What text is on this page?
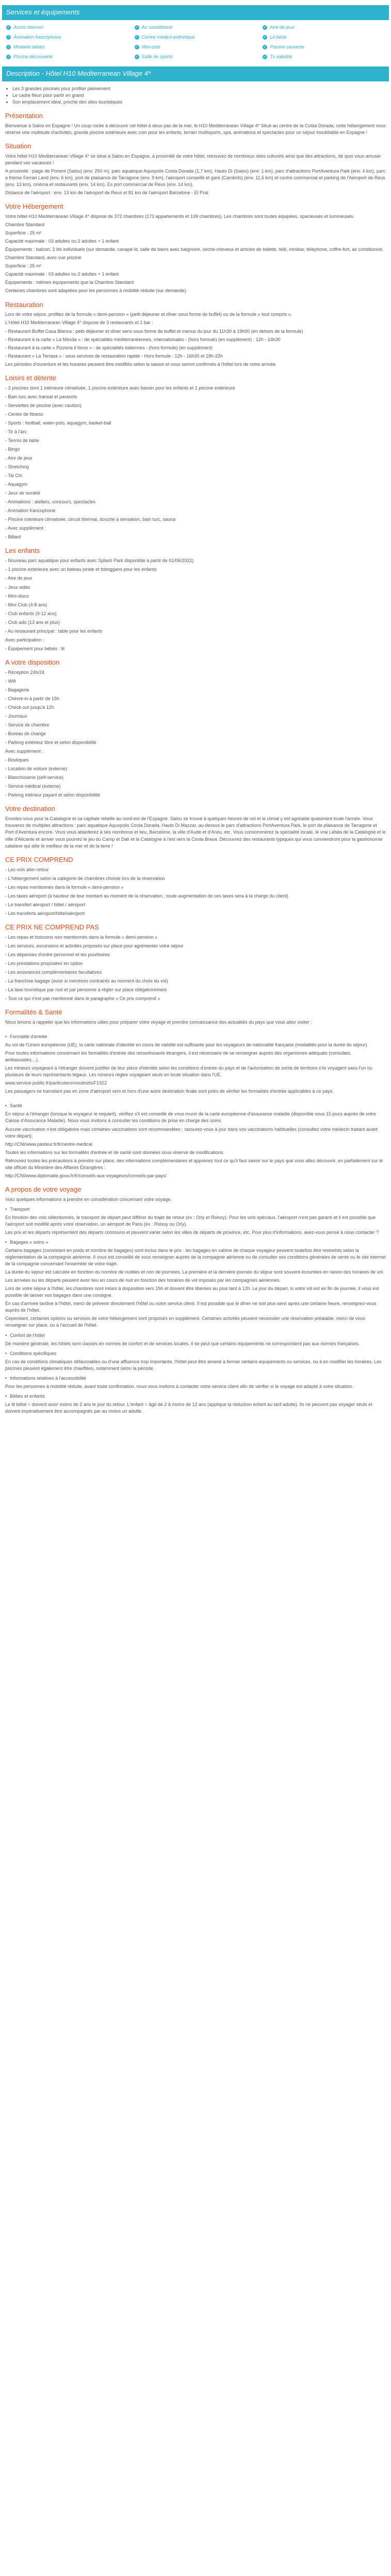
Services et équipements
✓ Accès Internet	✓ Air conditionné	✓ Aire de jeux
✓ Animation francophone	✓ Centre médico-esthétique	✓ Lit bébé
✓ Modalité bébés	✓ Mini club	✓ Piscine couverte
✓ Piscine découverte	✓ Salle de sports	✓ Tv satellite
Description - Hôtel H10 Mediterranean Village 4*
• Les 3 grandes piscines pour profiter pleinement
• Le cadre fleuri pour partir en grand
• Son emplacement idéal, proche des sites touristiques
Présentation

Bienvenue à Salou en Espagne ! Un coup rocke à découvrir cet hôtel à deux pas de la mer, le H10 Mediterranean Village 4* Situé au centre de la Costa Dorada, cette hébergement vous réserve une multitude d'activités, grande piscine extérieure avec coin pour les enfants, terrain multisports, spa, animations et spectacles pour un séjour inoubliable en Espagne !

Situation

Votre hôtel H10 Mediterranean Village 4* se situe à Salou en Espagne, à proximité de votre hôtel, retrouvez de nombreux sites culturels ainsi que des attractions, de quoi vous amuser pendant vos vacances !

A proximité : plage de Ponent (Salou) (env. 250 m), parc aquatique Aquopolis Costa Dorada (1,7 km), Hauts Di (Salou) (env. 1 km), parc d'attractions PortAventura Park (env. 4 km), parc a thème Ferrari Land (env. 6 km), port de plaisance de Tarragone (env. 9 km), l'aéroport conseillé et gare (Cambrils) (env. 11,6 km) et centre commercial et parking de l'Aéroport de Reus (env. 13 km), cinéma et restaurants (env. 14 km), Es port commercial de Reus (env. 14 km).

Distance de l'aéroport : env. 13 km de l'aéroport de Reus et 81 km de l'aéroport Barcelone - El Prat

Votre Hébergement

Votre hôtel H10 Mediterranean Village 4* dispose de 372 chambres (173 appartements et 199 chambres). Les chambres sont toutes équipées, spacieuses et lumineuses.

Chambre Standard

Superficie : 25 m²

Capacité maximale : 03 adultes ou 2 adultes + 1 enfant

Équipements : balcon, 2 lits individuels (sur demande, canapé-lit, salle de bains avec baignoire, sèche-cheveux et articles de toilette, télé, minibar, téléphone, coffre-fort, air conditionné.

Chambre Standard, avec vue piscine

Superficie : 25 m²

Capacité maximale : 03 adultes ou 2 adultes + 1 enfant

Équipements : mêmes équipements que la Chambre Standard

Certaines chambres sont adaptées pour les personnes à mobilité réduite (sur demande).

Restauration

Lors de votre séjour, profitez de la formule « demi-pension » (petit déjeuner et dîner sous forme de buffet) ou de la formule « tout compris ».

L'Hôtel H10 Mediterranean Village 4* dispose de 3 restaurants et 1 bar :

- Restaurant Buffet Casa Blanca : petit-déjeuner et dîner servi sous forme de buffet et menus du jour du 11h30 à 19h00 (en dehors de la formule)

- Restaurant à la carte « La Mèsda » : de spécialités méditerranéennes, internationales - (hors formule) (en supplément) : 12h - 14h30

- Restaurant à la carte « Pizzeria il forno » : de spécialités italiennes - (hors formule) (en supplément)

- Restaurant « La Terraza » : sous services de restauration rapide - Hors formule : 12h - 16h30 et 18h-22h

Les périodes d'ouverture et les horaires peuvent être modifiés selon la saison et vous seront confirmés à l'hôtel lors de votre arrivée.

Loisirs et détente

- 3 piscines dont 1 intérieure climatisée, 1 piscine extérieure avec bassin pour les enfants et 1 piscine extérieure

- Bain turc avec transat et parasols

- Serviettes de piscine (avec caution)

- Centre de fitness

- Sports : football, water-polo, aquagym, basket-ball

- Tir à l'arc

- Tennis de table

- Bingo

- Aire de jeux

- Stretching

- Tai Chi

- Aquagym

- Jeux de société

- Animations : ateliers, concours, spectacles

- Animation francophone

- Piscine intérieure climatisée, circuit thermal, douche à sensation, bain turc, sauna

- Avec supplément :

- Billard

Les enfants

- Nouveau parc aquatique pour enfants avec Splash Park disponible à partir de 01/06/2022)

- 1 piscine extérieure avec un bateau pirate et toboggans pour les enfants

- Aire de jeux

- Jeux vidéo

- Mini-disco

- Mini Club (4-8 ans)

- Club enfants (9-12 ans)

- Club ado (13 ans et plus)

- Au restaurant principal : table pour les enfants

Avec participation :

- Équipement pour bébés : lit

A votre disposition

- Réception 24h/24

- Wifi

- Bagagerie

- Chèvre-in à partir de 15h

- Check-out jusqu'à 12h

- Journaux

- Service de chambre

- Bureau de change

- Parking extérieur libre et selon disponibilité

Avec supplément :

- Boutiques

- Location de voiture (externe)

- Blanchisserie (self-service)

- Service médical (externe)

- Parking intérieur payant et selon disponibilité

Votre destination

Envolez-vous pour la Catalogne et sa capitale rebelle au nord-est de l'Espagne. Salou se trouve à quelques heures de vol et le climat y est agréable quasiment toute l'année. Vous trouverez de multiples attractions : parc aquatique Aquopolis Costa Dorada, Hauts Di Mazzar, au-dessus le parc d'attractions PortAventura Park, le port de plaisance de Tarragone et Port d'Aventura encore. Vous vous attarderez à ses nombreux et lieu, Barcelone, la ville d'Aude et d'Arxiu, etc. Vous consommerez la spécialité locale, le vrai Lafata de la Catalogne et le ville d'Alicante et arriver vous pourrez le jeu du Camp et Dalí et la Catalogne à l'est vers la Costa Brava. Découvrez des restaurants typiques qui vous conviendront pour la gastronomie catalane qui allie le meilleur de la mer et de la terre !

CE PRIX COMPREND

- Les vols aller-retour

- L'hébergement selon la catégorie de chambres choisie lors de la réservation

- Les repas mentionnés dans la formule « demi-pension »

- Les taxes aéroport (à hauteur de leur montant au moment de la réservation ; toute augmentation de ces taxes sera à la charge du client)

- Le transfert aéroport / hôtel / aéroport

- Les transferts aéroport/hôtel/aéroport

CE PRIX NE COMPREND PAS

- Les repas et boissons non mentionnés dans la formule « demi-pension »

- Les services, excursions et activités proposés sur place pour agrémenter votre séjour

- Les dépenses d'ordre personnel et les pourboires

- Les prestations proposées en option

- Les assurances complémentaires facultatives

- La franchise bagage (avoir si membres contraints au moment du choix du vol)

- La taxe touristique par nuit et par personne à régler sur place obligatoirement

- Tout ce qui n'est pas mentionné dans le paragraphe « Ce prix comprend »

Formalités & Santé

Nous tenons à rappeler que les informations utiles pour préparer votre voyage et prendre connaissance des actualités du pays que vous allez visiter :

• Formalité d'entrée

Au vol de l'Union européenne (UE), la carte nationale d'identité en cours de validité est suffisante pour les voyageurs de nationalité française (modalités pour la durée du séjour).

Pour toutes informations concernant les formalités d'entrée des ressortissants étrangers, il est nécessaire de se renseigner auprès des organismes adéquats (consulats, ambassades…).

Les mineurs voyageant à l'étranger doivent justifier de leur pièce d'identité selon les conditions d'entrée du pays et de l'autorisation de sortie de territoire s'ils voyagent sans l'un ou plusieurs de leurs représentants légaux. Les mineurs règles voyageant seuls en toute situation dans l'UE.

www.service-public.fr/particuliers/vosdroits/F1922

Les passagers ne transitant pas en zone d'aéroport vers et hors d'une autre destination finale sont priés de vérifier les formalités d'entrée applicables à ce pays.

• Santé

En séjour à l'étranger (lorsque le voyageur le requiert), vérifiez s'il est conseillé de vous munir de la carte européenne d'assurance maladie (disponible sous 15 jours auprès de votre Caisse d'Assurance Maladie). Nous vous invitons à consulter les conditions de prise en charge des soins.

Aucune vaccination n'est obligatoire mais certaines vaccinations sont recommandées : rassurez-vous à jour dans vos vaccinations habituelles (consultez votre médecin traitant avant votre départ).

http://CNI/www.pasteur.fr/fr/centre-medical

Toutes les informations sur les formalités d'entrée et de santé sont données sous réserve de modifications.

Retrouvez toutes les précautions à prendre sur place, des informations complémentaires et apprenez tout ce qu'il faut savoir sur le pays que vous allez découvrir, en parfaitement sur le site officiel du Ministère des Affaires Étrangères :

http://CNI/www.diplomatie.gouv.fr/fr/conseils-aux-voyageurs/conseils-par-pays/

A propos de votre voyage

Voici quelques informations à prendre en considération concernant votre voyage.

• Transport

En fonction des vols sélectionnés, le transport de départ peut différer du trajet de retour (ex : Orly et Roissy). Pour les vols spéciaux, l'aéroport n'est pas garanti et il est possible que l'aéroport soit modifié après votre réservation, un aéroport de Paris (ex : Roissy ou Orly).

Les prix et les départs représentent des départs communs et peuvent varier selon les villes de départs de province, etc. Pour plus d'informations, avez-vous pensé à nous contacter ?

• Bagages « soins »

Certains bagages (consistant en poids et nombre de bagages) sont inclus dans le prix : les bagages en cabine de chaque voyageur peuvent toutefois être restreints selon la réglementation de la compagnie aérienne. Il vous est conseillé de vous renseigner auprès de la compagnie aérienne ou de consulter ses conditions générales de vente ou le site internet de la compagnie concernant l'ensemble de votre trajet.

La durée du séjour est calculée en fonction du nombre de nuitées et non de journées. La première et la dernière journée du séjour sont souvent écourtées en raison des horaires de vol.

Les arrivées ou les départs peuvent avoir lieu en cours de nuit en fonction des horaires de vol imposés par les compagnies aériennes.

Lors de votre séjour à l'hôtel, les chambres sont mises à disposition vers 15h et doivent être libérées au plus tard à 12h. Le jour du départ, si votre vol est en fin de journée, il vous est possible de laisser vos bagages dans une consigne.

En cas d'arrivée tardive à l'hôtel, merci de prévenir directement l'hôtel ou notre service client. Il est possible que le dîner ne soit plus servi après une certaine heure, renseignez-vous auprès de l'hôtel.

Cependant, certaines options ou services de votre hébergement sont proposés en supplément. Certaines activités peuvent nécessiter une réservation préalable, merci de vous renseigner sur place, ou à l'accueil de l'hôtel.

• Confort de l'hôtel

De manière générale, les hôtels sont classés en normes de confort et de services locales. Il se peut que certains équipements ne correspondent pas aux normes françaises.

• Conditions spécifiques

En cas de conditions climatiques défavorables ou d'une affluence trop importante, l'hôtel peut être amené à fermer certains équipements ou services, ou à en modifier les horaires. Les piscines peuvent également être chauffées, notamment selon la période.

• Informations relatives à l'accessibilité

Pour les personnes à mobilité réduite, avant toute confirmation, nous vous invitons à contacter votre service client afin de vérifier si le voyage est adapté à votre situation.

• Bébés et enfants

Le lit bébé = doivent avoir moins de 2 ans le jour du retour. L'enfant = âgé de 2 à moins de 12 ans (applique la réduction enfant au tarif adulte). Ils ne peuvent pas voyager seuls et doivent impérativement être accompagnés par au moins un adulte.
